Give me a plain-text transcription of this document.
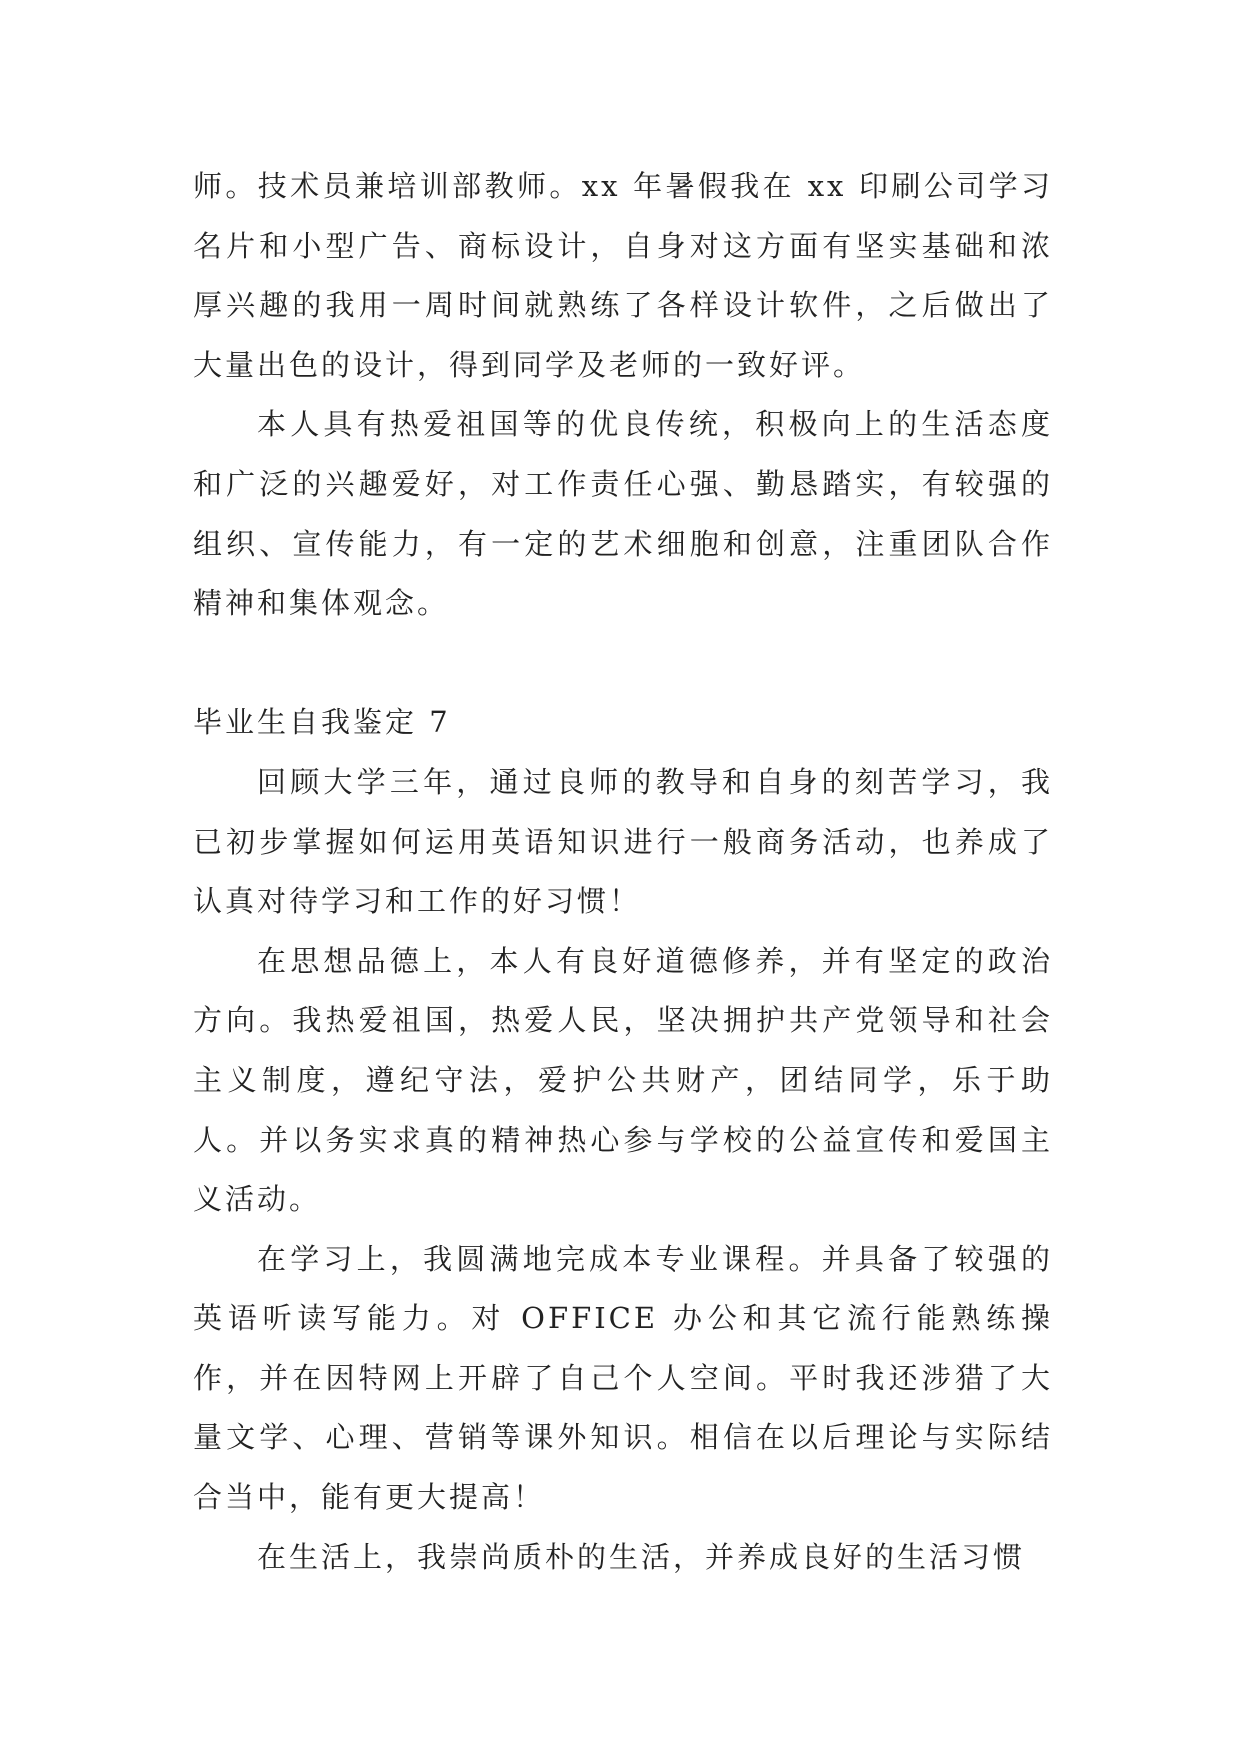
师。技术员兼培训部教师。xx 年暑假我在 xx 印刷公司学习名片和小型广告、商标设计，自身对这方面有坚实基础和浓厚兴趣的我用一周时间就熟练了各样设计软件，之后做出了大量出色的设计，得到同学及老师的一致好评。

本人具有热爱祖国等的优良传统，积极向上的生活态度和广泛的兴趣爱好，对工作责任心强、勤恳踏实，有较强的组织、宣传能力，有一定的艺术细胞和创意，注重团队合作精神和集体观念。

毕业生自我鉴定 7

回顾大学三年，通过良师的教导和自身的刻苦学习，我已初步掌握如何运用英语知识进行一般商务活动，也养成了认真对待学习和工作的好习惯！

在思想品德上，本人有良好道德修养，并有坚定的政治方向。我热爱祖国，热爱人民，坚决拥护共产党领导和社会主义制度，遵纪守法，爱护公共财产，团结同学，乐于助人。并以务实求真的精神热心参与学校的公益宣传和爱国主义活动。

在学习上，我圆满地完成本专业课程。并具备了较强的英语听读写能力。对 OFFICE 办公和其它流行能熟练操作，并在因特网上开辟了自己个人空间。平时我还涉猎了大量文学、心理、营销等课外知识。相信在以后理论与实际结合当中，能有更大提高！

在生活上，我崇尚质朴的生活，并养成良好的生活习惯
